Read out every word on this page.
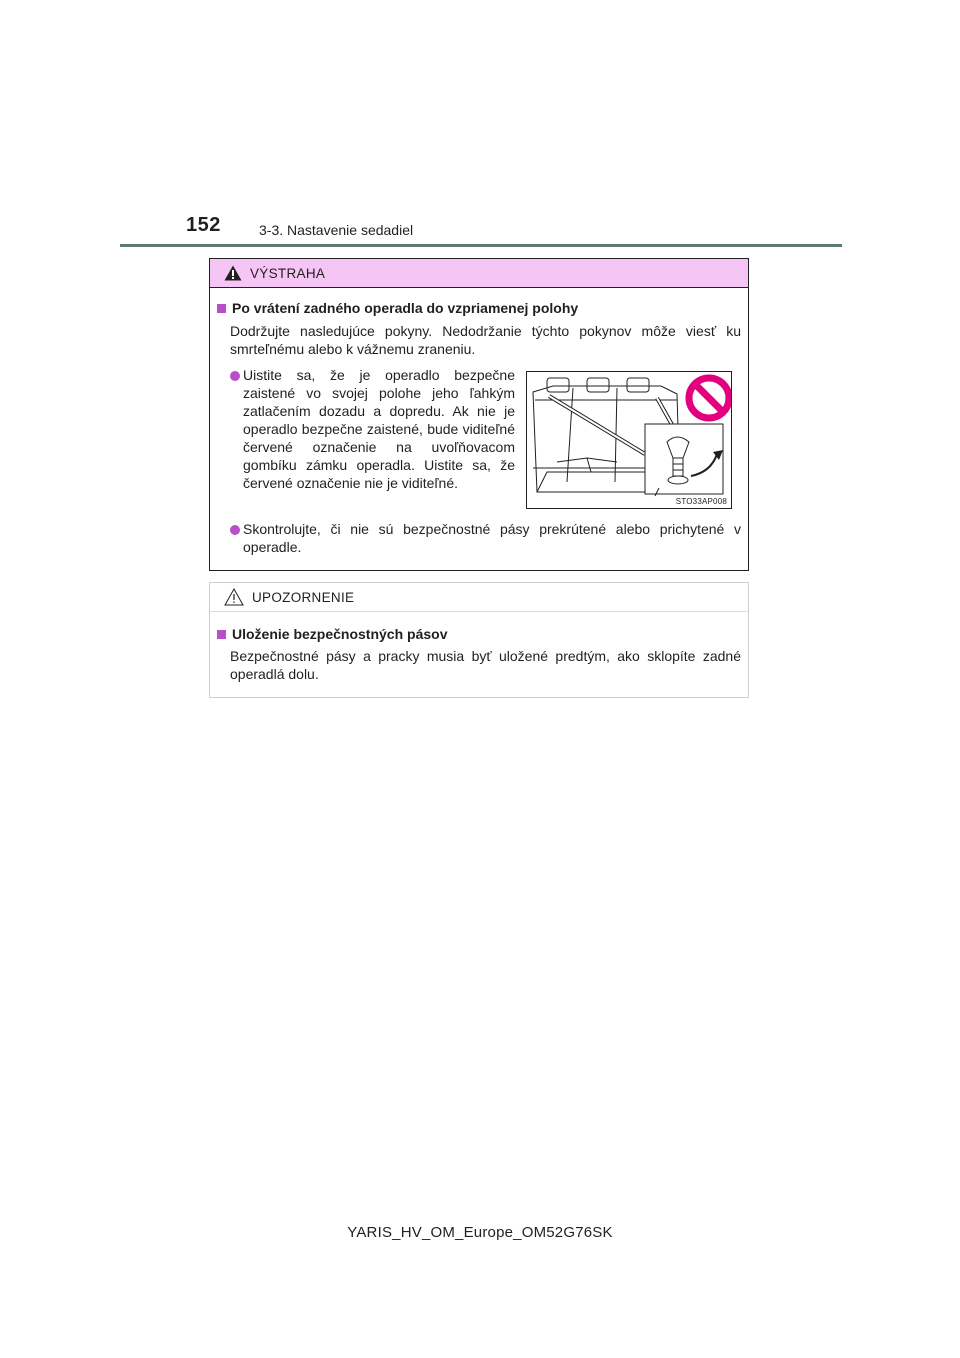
152	3-3. Nastavenie sedadiel
VÝSTRAHA
Po vrátení zadného operadla do vzpriamenej polohy
Dodržujte nasledujúce pokyny. Nedodržanie týchto pokynov môže viesť ku smrteľnému alebo k vážnemu zraneniu.
Uistite sa, že je operadlo bezpečne zaistené vo svojej polohe jeho ľahkým zatlačením dozadu a dopredu. Ak nie je operadlo bezpečne zaistené, bude viditeľné červené označenie na uvoľňovacom gombíku zámku operadla. Uistite sa, že červené označenie nie je viditeľné.
STO33AP008
Skontrolujte, či nie sú bezpečnostné pásy prekrútené alebo prichytené v operadle.
UPOZORNENIE
Uloženie bezpečnostných pásov
Bezpečnostné pásy a pracky musia byť uložené predtým, ako sklopíte zadné operadlá dolu.
YARIS_HV_OM_Europe_OM52G76SK
